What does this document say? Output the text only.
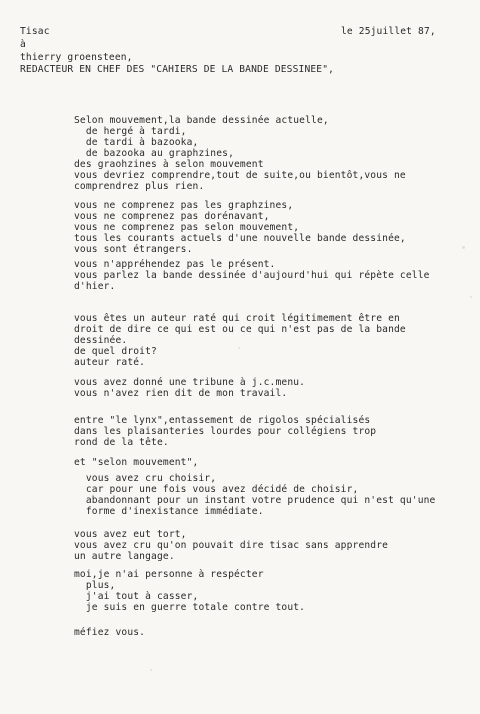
Tisac	le 25juillet 87,
à
thierry groensteen,
REDACTEUR EN CHEF DES "CAHIERS DE LA BANDE DESSINEE",
Selon mouvement,la bande dessinée actuelle,
de hergé à tardi,
de tardi à bazooka,
de bazooka au graphzines,
des graohzines à selon mouvement
vous devriez comprendre,tout de suite,ou bientôt,vous ne
comprendrez plus rien.
vous ne comprenez pas les graphzines,
vous ne comprenez pas dorénavant,
vous ne comprenez pas selon mouvement,
tous les courants actuels d'une nouvelle bande dessinée,
vous sont étrangers.
vous n'appréhendez pas le présent.
vous parlez la bande dessinée d'aujourd'hui qui répète celle
d'hier.
vous êtes un auteur raté qui croit légitimement être en
droit de dire ce qui est ou ce qui n'est pas de la bande
dessinée.
de quel droit?
auteur raté.
vous avez donné une tribune à j.c.menu.
vous n'avez rien dit de mon travail.
entre "le lynx",entassement de rigolos spécialisés
dans les plaisanteries lourdes pour collégiens trop
rond de la tête.
et "selon mouvement",
vous avez cru choisir,
car pour une fois vous avez décidé de choisir,
abandonnant pour un instant votre prudence qui n'est qu'une
forme d'inexistance immédiate.
vous avez eut tort,
vous avez cru qu'on pouvait dire tisac sans apprendre
un autre langage.
moi,je n'ai personne à respécter
plus,
j'ai tout à casser,
je suis en guerre totale contre tout.
méfiez vous.
